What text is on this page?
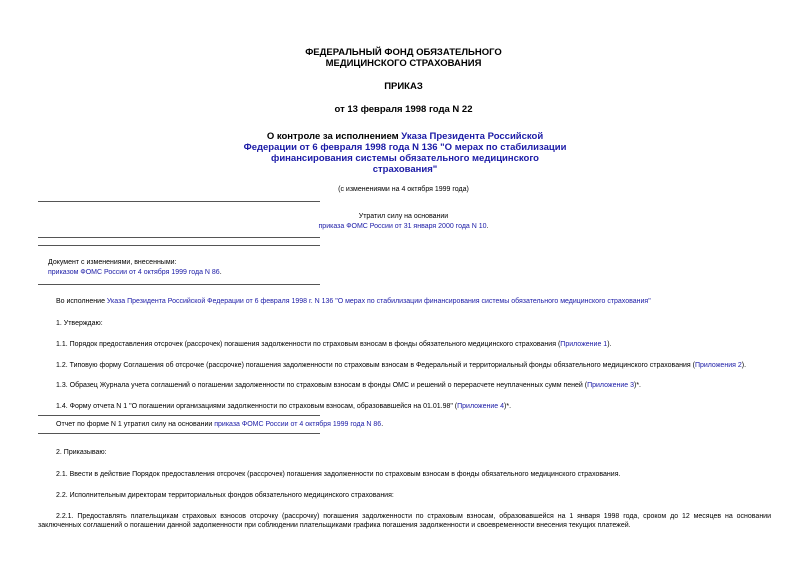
ФЕДЕРАЛЬНЫЙ ФОНД ОБЯЗАТЕЛЬНОГО
МЕДИЦИНСКОГО СТРАХОВАНИЯ
ПРИКАЗ
от 13 февраля 1998 года N 22
О контроле за исполнением Указа Президента Российской Федерации от 6 февраля 1998 года N 136 "О мерах по стабилизации финансирования системы обязательного медицинского страхования"
(с изменениями на 4 октября 1999 года)
Утратил силу на основании
приказа ФОМС России от 31 января 2000 года N 10.
Документ с изменениями, внесенными:
приказом ФОМС России от 4 октября 1999 года N 86.
Во исполнение Указа Президента Российской Федерации от 6 февраля 1998 г. N 136 "О мерах по стабилизации финансирования системы обязательного медицинского страхования"
1. Утверждаю:
1.1. Порядок предоставления отсрочек (рассрочек) погашения задолженности по страховым взносам в фонды обязательного медицинского страхования (Приложение 1).
1.2. Типовую форму Соглашения об отсрочке (рассрочке) погашения задолженности по страховым взносам в Федеральный и территориальный фонды обязательного медицинского страхования (Приложения 2).
1.3. Образец Журнала учета соглашений о погашении задолженности по страховым взносам в фонды ОМС и решений о перерасчете неуплаченных сумм пеней (Приложение 3)*.
1.4. Форму отчета N 1 "О погашении организациями задолженности по страховым взносам, образовавшейся на 01.01.98" (Приложение 4)*.
Отчет по форме N 1 утратил силу на основании приказа ФОМС России от 4 октября 1999 года N 86.
2. Приказываю:
2.1. Ввести в действие Порядок предоставления отсрочек (рассрочек) погашения задолженности по страховым взносам в фонды обязательного медицинского страхования.
2.2. Исполнительным директорам территориальных фондов обязательного медицинского страхования:
2.2.1. Предоставлять плательщикам страховых взносов отсрочку (рассрочку) погашения задолженности по страховым взносам, образовавшейся на 1 января 1998 года, сроком до 12 месяцев на основании заключенных соглашений о погашении данной задолженности при соблюдении плательщиками графика погашения задолженности и своевременности внесения текущих платежей.
